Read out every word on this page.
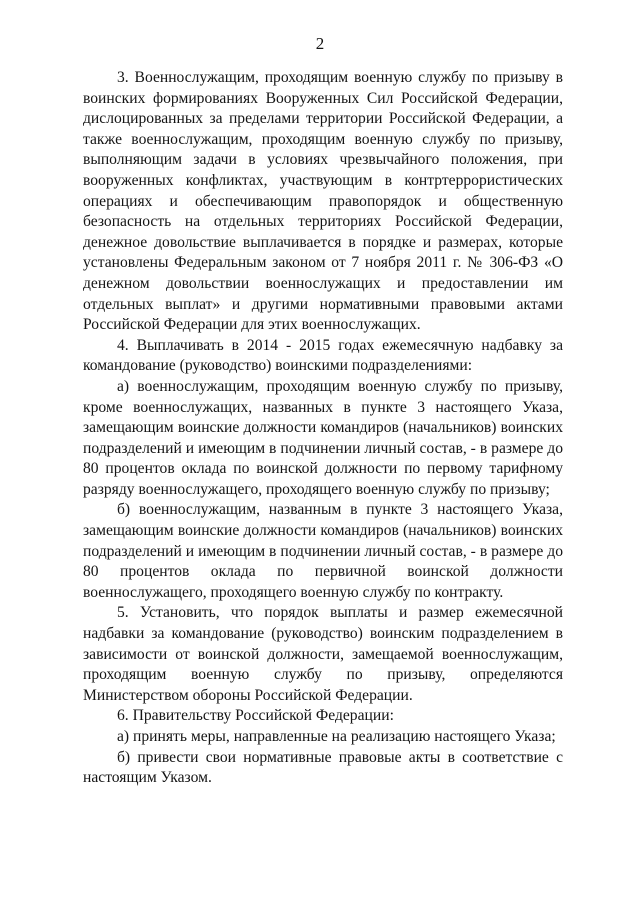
2

3. Военнослужащим, проходящим военную службу по призыву в воинских формированиях Вооруженных Сил Российской Федерации, дислоцированных за пределами территории Российской Федерации, а также военнослужащим, проходящим военную службу по призыву, выполняющим задачи в условиях чрезвычайного положения, при вооруженных конфликтах, участвующим в контртеррористических операциях и обеспечивающим правопорядок и общественную безопасность на отдельных территориях Российской Федерации, денежное довольствие выплачивается в порядке и размерах, которые установлены Федеральным законом от 7 ноября 2011 г. № 306-ФЗ «О денежном довольствии военнослужащих и предоставлении им отдельных выплат» и другими нормативными правовыми актами Российской Федерации для этих военнослужащих.

4. Выплачивать в 2014 - 2015 годах ежемесячную надбавку за командование (руководство) воинскими подразделениями:

а) военнослужащим, проходящим военную службу по призыву, кроме военнослужащих, названных в пункте 3 настоящего Указа, замещающим воинские должности командиров (начальников) воинских подразделений и имеющим в подчинении личный состав, - в размере до 80 процентов оклада по воинской должности по первому тарифному разряду военнослужащего, проходящего военную службу по призыву;

б) военнослужащим, названным в пункте 3 настоящего Указа, замещающим воинские должности командиров (начальников) воинских подразделений и имеющим в подчинении личный состав, - в размере до 80 процентов оклада по первичной воинской должности военнослужащего, проходящего военную службу по контракту.

5. Установить, что порядок выплаты и размер ежемесячной надбавки за командование (руководство) воинским подразделением в зависимости от воинской должности, замещаемой военнослужащим, проходящим военную службу по призыву, определяются Министерством обороны Российской Федерации.

6. Правительству Российской Федерации:

а) принять меры, направленные на реализацию настоящего Указа;

б) привести свои нормативные правовые акты в соответствие с настоящим Указом.
